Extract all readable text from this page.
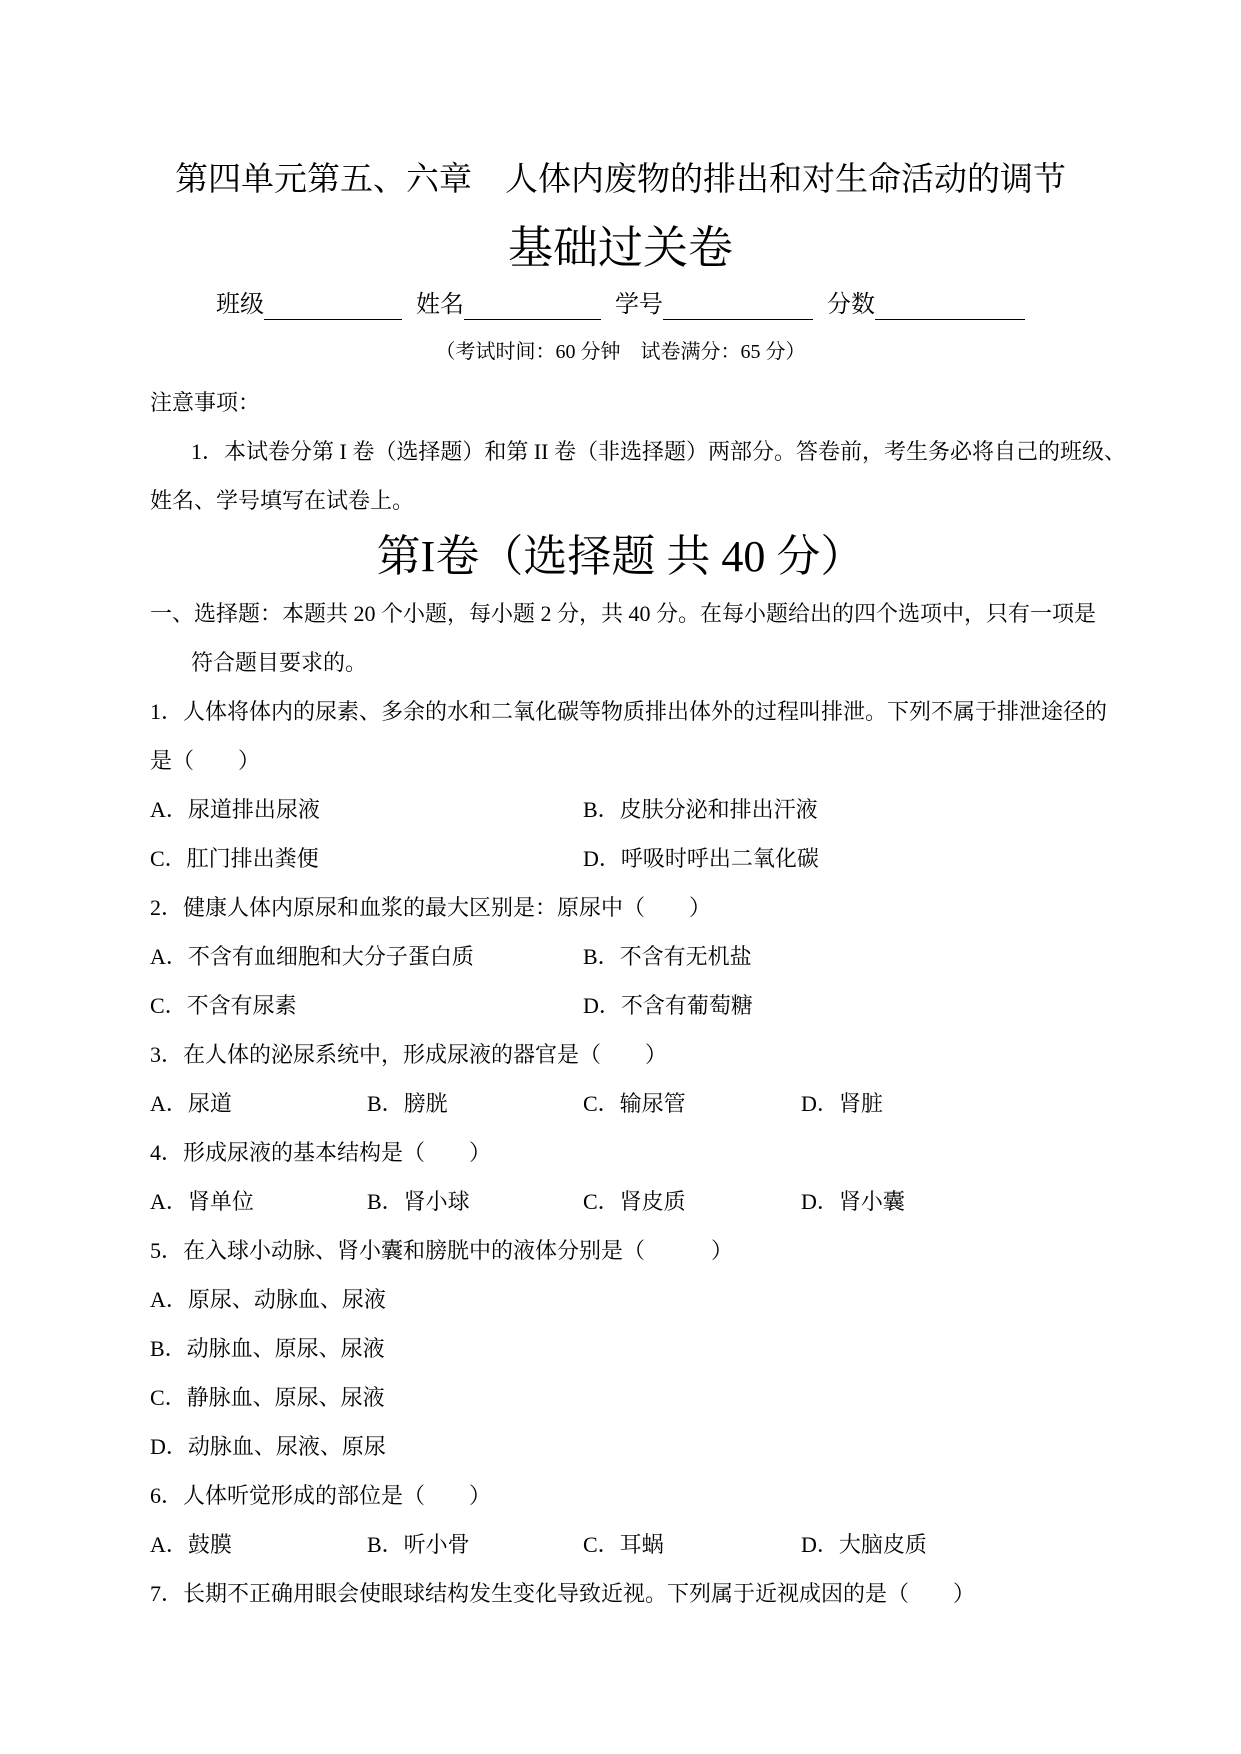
第四单元第五、六章　人体内废物的排出和对生命活动的调节
基础过关卷
班级	姓名	学号	分数
（考试时间：60 分钟　试卷满分：65 分）
注意事项：
1．本试卷分第 I 卷（选择题）和第 II 卷（非选择题）两部分。答卷前，考生务必将自己的班级、
姓名、学号填写在试卷上。
第I卷（选择题 共 40 分）
一、选择题：本题共 20 个小题，每小题 2 分，共 40 分。在每小题给出的四个选项中，只有一项是
符合题目要求的。
1．人体将体内的尿素、多余的水和二氧化碳等物质排出体外的过程叫排泄。下列不属于排泄途径的
是（　　）
A．尿道排出尿液	B．皮肤分泌和排出汗液
C．肛门排出粪便	D．呼吸时呼出二氧化碳
2．健康人体内原尿和血浆的最大区别是：原尿中（　　）
A．不含有血细胞和大分子蛋白质	B．不含有无机盐
C．不含有尿素	D．不含有葡萄糖
3．在人体的泌尿系统中，形成尿液的器官是（　　）
A．尿道	B．膀胱	C．输尿管	D．肾脏
4．形成尿液的基本结构是（　　）
A．肾单位	B．肾小球	C．肾皮质	D．肾小囊
5．在入球小动脉、肾小囊和膀胱中的液体分别是（　　　）
A．原尿、动脉血、尿液
B．动脉血、原尿、尿液
C．静脉血、原尿、尿液
D．动脉血、尿液、原尿
6．人体听觉形成的部位是（　　）
A．鼓膜	B．听小骨	C．耳蜗	D．大脑皮质
7．长期不正确用眼会使眼球结构发生变化导致近视。下列属于近视成因的是（　　）
